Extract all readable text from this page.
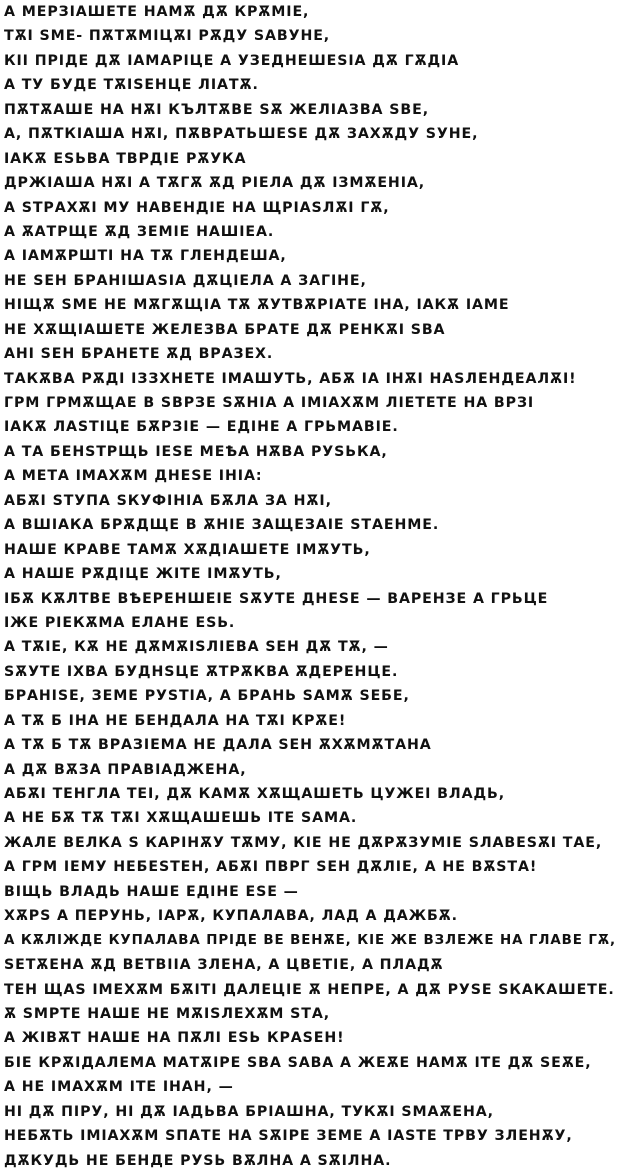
А МЕРЗІАШЕТЕ НАМѪ ДѪ КРѪМІЕ,
ТѪІ ЅМЕ- ПѪТѪМІЦѪІ РѪДУ ЅАВУНЕ,
КІІ ПРІДЕ ДѪ ІАМАРІЦЕ А УЗЕДНЕШЕЅІА ДѪ ГѪДІА
А ТУ БУДЕ ТѪІЅЕНЦЕ ЛІАТѪ.
ПѪТѪАШЕ НА НѪІ КЪЛТѪВЕ ЅѪ ЖЕЛІАЗВА ЅВЕ,
А, ПѪТКІАША НѪІ, ПѪВРАТЬШЕЅЕ ДѪ ЗАХѪДУ ЅУНЕ,
ІАКѪ ЕЅЬВА ТВРДІЕ РѪУКА
ДРЖІАША НѪІ А ТѪГѪ ѪД РІЕЛА ДѪ ІЗМѪЕНІА,
А ЅТРАХѪІ МУ НАВЕНДІЕ НА ЩРІАЅЛѪІ ГѪ,
А ѪАТРЩЕ ѪД ЗЕМІЕ НАШІЕА.
А ІАМѪРШТІ НА ТѪ ГЛЕНДЕША,
НЕ ЅЕН БРАНІШАЅІА ДѪЦІЕЛА А ЗАГІНЕ,
НІЩѪ ЅМЕ НЕ МѪГѪЩІА ТѪ ѪУТВѪРІАТЕ ІНА, ІАКѪ ІАМЕ
НЕ ХѪЩІАШЕТЕ ЖЕЛЕЗВА БРАТЕ ДѪ РЕНКѪІ ЅВА
АНІ ЅЕН БРАНЕТЕ ѪД ВРАЗЕХ.
ТАКѪВА РѪДІ ІЗЗХНЕТЕ ІМАШУТЬ, АБѪ ІА ІНѪІ НАЅЛЕНДЕАЛѪІ!
ГРМ ГРМѪЩАЕ В ЅВРЗЕ ЅѪНІА А ІМІАХѪМ ЛІЕТЕТЕ НА ВРЗІ
ІАКѪ ЛАЅТІЦЕ БѪРЗІЕ — ЕДІНЕ А ГРЬМАВІЕ.
А ТА БЕНЅТРЩЬ ІЕЅЕ МЕѢА НѪВА РУЅЬКА,
А МЕТА ІМАХѪМ ДНЕЅЕ ІНІА:
АБѪІ ЅТУПА ЅКУФІНІА БѪЛА ЗА НѪІ,
А ВШІАКА БРѪДЩЕ В ѪНІЕ ЗАЩЕЗАІЕ ЅТАЕНМЕ.
НАШЕ КРАВЕ ТАМѪ ХѪДІАШЕТЕ ІМѪУТЬ,
А НАШЕ РѪДІЦЕ ЖІТЕ ІМѪУТЬ,
ІБѪ КѪЛТВЕ ВѢЕРЕНШЕІЕ ЅѪУТЕ ДНЕЅЕ — ВАРЕНЗЕ А ГРЬЦЕ
ІЖЕ РІЕКѪМА ЕЛАНЕ ЕЅЬ.
А ТѪІЕ, КѪ НЕ ДѪМѪІЅЛІЕВА ЅЕН ДѪ ТѪ, —
ЅѪУТЕ ІХВА БУДНЅЦЕ ѪТРѪКВА ѪДЕРЕНЦЕ.
БРАНІЅЕ, ЗЕМЕ РУЅТІА, А БРАНЬ ЅАМѪ ЅЕБЕ,
А ТѪ Б ІНА НЕ БЕНДАЛА НА ТѪІ КРѪЕ!
А ТѪ Б ТѪ ВРАЗІЕМА НЕ ДАЛА ЅЕН ѪХѪМѪТАНА
А ДѪ ВѪЗА ПРАВІАДЖЕНА,
АБѪІ ТЕНГЛА ТЕІ, ДѪ КАМѪ ХѪЩАШЕТЬ ЦУЖЕІ ВЛАДЬ,
А НЕ БѪ ТѪ ТѪІ ХѪЩАШЕШЬ ІТЕ ЅАМА.
ЖАЛЕ ВЕЛКА Ѕ КАРІНѪУ ТѪМУ, КІЕ НЕ ДѪРѪЗУМІЕ ЅЛАВЕЅѪІ ТАЕ,
А ГРМ ІЕМУ НЕБЕЅТЕН, АБѪІ ПВРГ ЅЕН ДѪЛІЕ, А НЕ ВѪЅТА!
ВІЩЬ ВЛАДЬ НАШЕ ЕДІНЕ ЕЅЕ —
ХѪРЅ А ПЕРУНЬ, ІАРѪ, КУПАЛАВА, ЛАД А ДАЖБѪ.
А КѪЛІЖДЕ КУПАЛАВА ПРІДЕ ВЕ ВЕНѪЕ, КІЕ ЖЕ ВЗЛЕЖЕ НА ГЛАВЕ ГѪ,
ЅЕТѪЕНА ѪД ВЕТВІІА ЗЛЕНА, А ЦВЕТІЕ, А ПЛАДѪ
ТЕН ЩАЅ ІМЕХѪМ БѪІТІ ДАЛЕЦІЕ Ѫ НЕПРЕ, А ДѪ РУЅЕ ЅКАКАШЕТЕ.
Ѫ ЅМРТЕ НАШЕ НЕ МѪІЅЛЕХѪМ ЅТА,
А ЖІВѪТ НАШЕ НА ПѪЛІ ЕЅЬ КРАЅЕН!
БІЕ КРѪІДАЛЕМА МАТѪІРЕ ЅВА ЅАВА А ЖЕѪЕ НАМѪ ІТЕ ДѪ ЅЕѪЕ,
А НЕ ІМАХѪМ ІТЕ ІНАН, —
НІ ДѪ ПІРУ, НІ ДѪ ІАДЬВА БРІАШНА, ТУКѪІ ЅМАѪЕНА,
НЕБѪТЬ ІМІАХѪМ ЅПАТЕ НА ЅѪІРЕ ЗЕМЕ А ІАЅТЕ ТРВУ ЗЛЕНѪУ,
ДѪКУДЬ НЕ БЕНДЕ РУЅЬ ВѪЛНА А ЅѪІЛНА.
